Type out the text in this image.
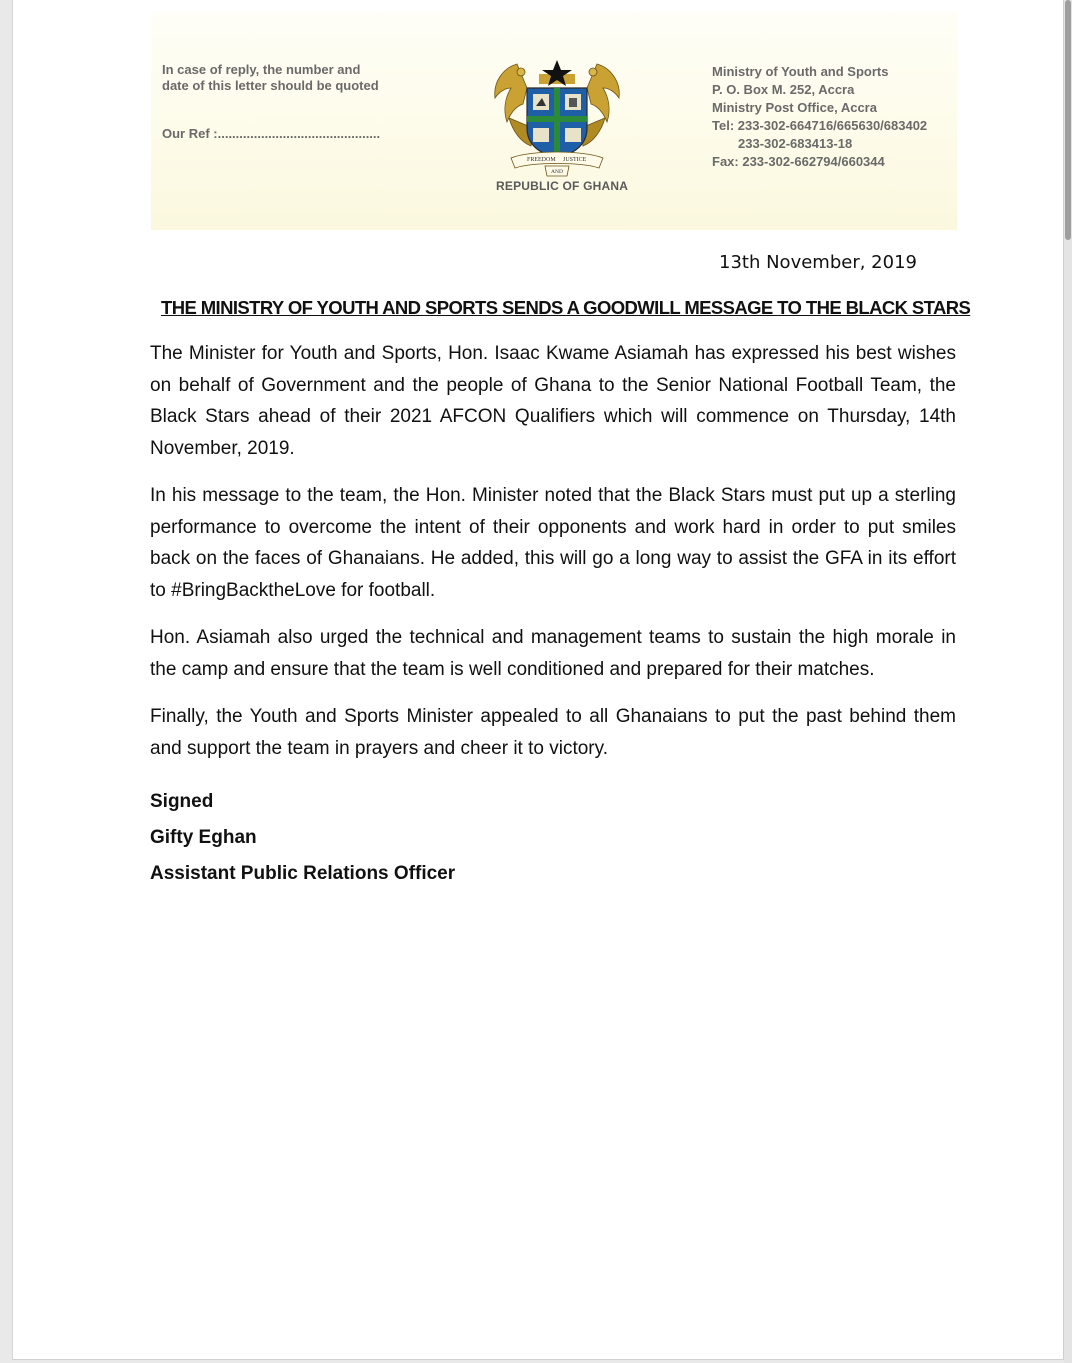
In case of reply, the number and
date of this letter should be quoted
Our Ref :.............................................
FREEDOM JUSTICE
AND
REPUBLIC OF GHANA
Ministry of Youth and Sports
P. O. Box M. 252, Accra
Ministry Post Office, Accra
Tel: 233-302-664716/665630/683402
233-302-683413-18
Fax: 233-302-662794/660344
13th November, 2019
THE MINISTRY OF YOUTH AND SPORTS SENDS A GOODWILL MESSAGE TO THE BLACK STARS

The Minister for Youth and Sports, Hon. Isaac Kwame Asiamah has expressed his best wishes on behalf of Government and the people of Ghana to the Senior National Football Team, the Black Stars ahead of their 2021 AFCON Qualifiers which will commence on Thursday, 14th November, 2019.

In his message to the team, the Hon. Minister noted that the Black Stars must put up a sterling performance to overcome the intent of their opponents and work hard in order to put smiles back on the faces of Ghanaians. He added, this will go a long way to assist the GFA in its effort to #BringBacktheLove for football.

Hon. Asiamah also urged the technical and management teams to sustain the high morale in the camp and ensure that the team is well conditioned and prepared for their matches.

Finally, the Youth and Sports Minister appealed to all Ghanaians to put the past behind them and support the team in prayers and cheer it to victory.

Signed
Gifty Eghan
Assistant Public Relations Officer
